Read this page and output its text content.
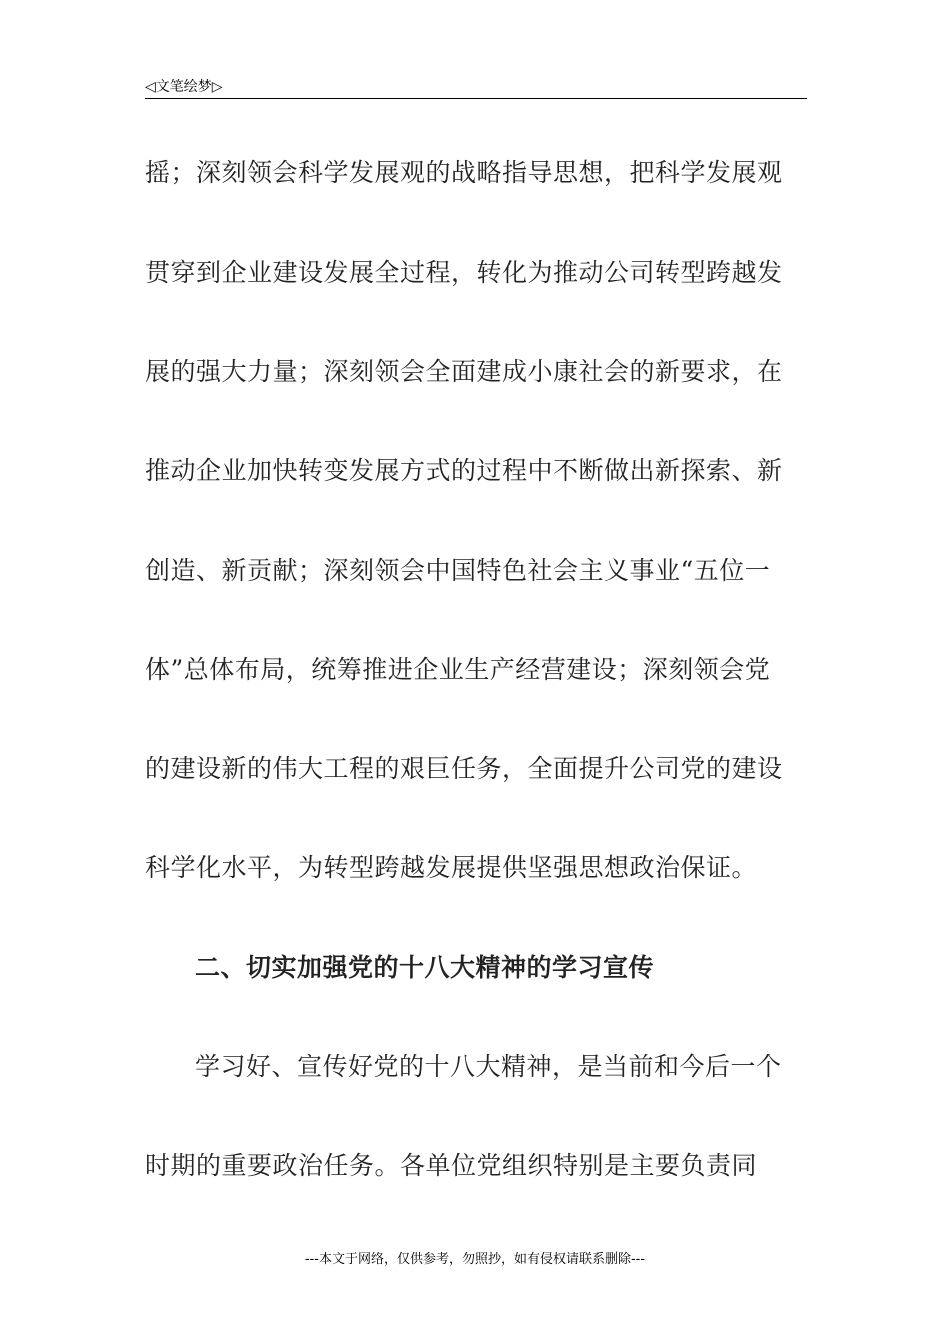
◁文笔绘梦▷
摇；深刻领会科学发展观的战略指导思想，把科学发展观
贯穿到企业建设发展全过程，转化为推动公司转型跨越发
展的强大力量；深刻领会全面建成小康社会的新要求，在
推动企业加快转变发展方式的过程中不断做出新探索、新
创造、新贡献；深刻领会中国特色社会主义事业“五位一
体”总体布局，统筹推进企业生产经营建设；深刻领会党
的建设新的伟大工程的艰巨任务，全面提升公司党的建设
科学化水平，为转型跨越发展提供坚强思想政治保证。
二、切实加强党的十八大精神的学习宣传
学习好、宣传好党的十八大精神，是当前和今后一个
时期的重要政治任务。各单位党组织特别是主要负责同
---本文于网络，仅供参考，勿照抄，如有侵权请联系删除---
